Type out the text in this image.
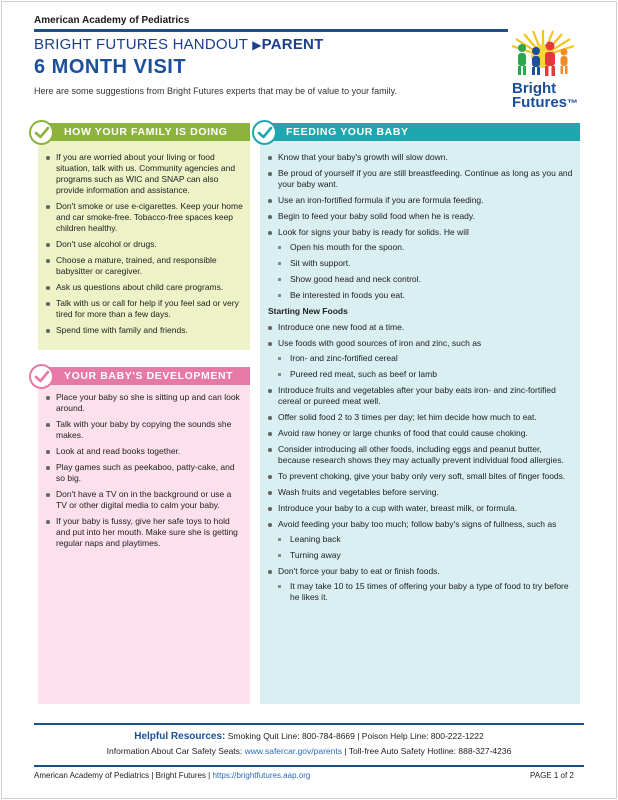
American Academy of Pediatrics
BRIGHT FUTURES HANDOUT ▶PARENT
6 MONTH VISIT
Here are some suggestions from Bright Futures experts that may be of value to your family.	Bright
Futures™
HOW YOUR FAMILY IS DOING
YOUR BABY'S DEVELOPMENT
FEEDING YOUR BABY
If you are worried about your living or food situation, talk with us. Community agencies and programs such as WIC and SNAP can also provide information and assistance.
Don't smoke or use e-cigarettes. Keep your home and car smoke-free. Tobacco-free spaces keep children healthy.
Don't use alcohol or drugs.
Choose a mature, trained, and responsible babysitter or caregiver.
Ask us questions about child care programs.
Talk with us or call for help if you feel sad or very tired for more than a few days.
Spend time with family and friends.
Place your baby so she is sitting up and can look around.
Talk with your baby by copying the sounds she makes.
Look at and read books together.
Play games such as peekaboo, patty-cake, and so big.
Don't have a TV on in the background or use a TV or other digital media to calm your baby.
If your baby is fussy, give her safe toys to hold and put into her mouth. Make sure she is getting regular naps and playtimes.
Know that your baby's growth will slow down.
Be proud of yourself if you are still breastfeeding. Continue as long as you and your baby want.
Use an iron-fortified formula if you are formula feeding.
Begin to feed your baby solid food when he is ready.
Look for signs your baby is ready for solids. He will
Open his mouth for the spoon.
Sit with support.
Show good head and neck control.
Be interested in foods you eat.
Starting New Foods
Introduce one new food at a time.
Use foods with good sources of iron and zinc, such as
Iron- and zinc-fortified cereal
Pureed red meat, such as beef or lamb
Introduce fruits and vegetables after your baby eats iron- and zinc-fortified cereal or pureed meat well.
Offer solid food 2 to 3 times per day; let him decide how much to eat.
Avoid raw honey or large chunks of food that could cause choking.
Consider introducing all other foods, including eggs and peanut butter, because research shows they may actually prevent individual food allergies.
To prevent choking, give your baby only very soft, small bites of finger foods.
Wash fruits and vegetables before serving.
Introduce your baby to a cup with water, breast milk, or formula.
Avoid feeding your baby too much; follow baby's signs of fullness, such as
Leaning back
Turning away
Don't force your baby to eat or finish foods.
It may take 10 to 15 times of offering your baby a type of food to try before he likes it.
Helpful Resources: Smoking Quit Line: 800-784-8669 | Poison Help Line: 800-222-1222
Information About Car Safety Seats: www.safercar.gov/parents | Toll-free Auto Safety Hotline: 888-327-4236
American Academy of Pediatrics | Bright Futures | https://brightfutures.aap.org	PAGE 1 of 2
